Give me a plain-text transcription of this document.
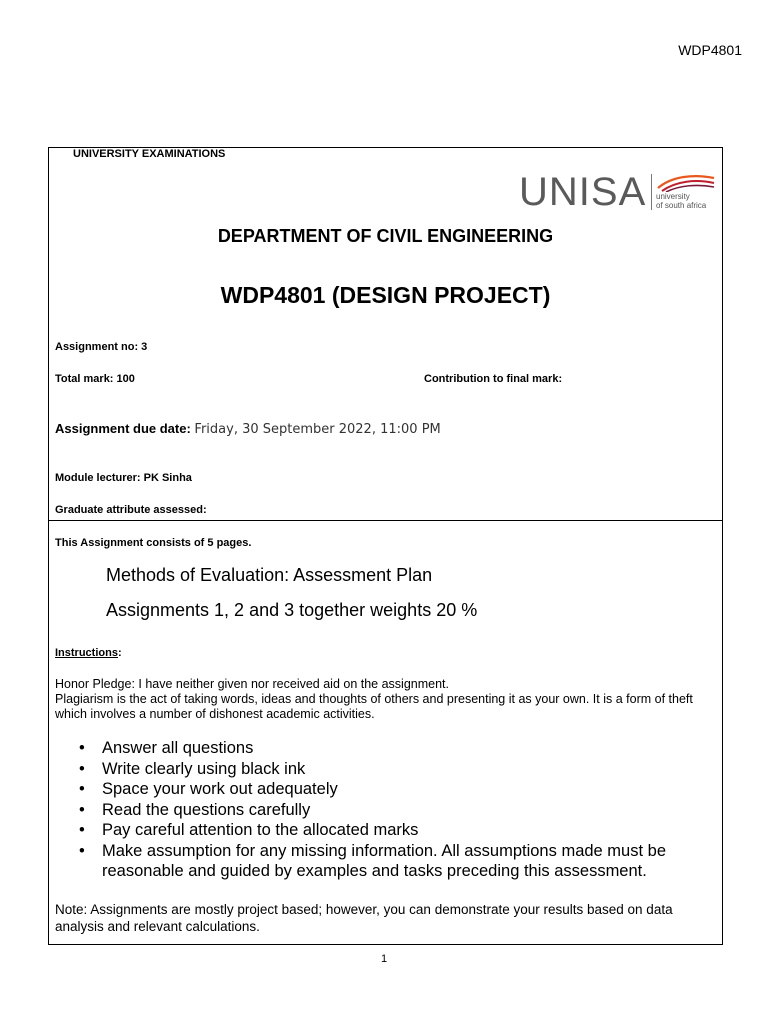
WDP4801
UNIVERSITY EXAMINATIONS
UNISA university
of south africa
DEPARTMENT OF CIVIL ENGINEERING
WDP4801 (DESIGN PROJECT)
Assignment no: 3
Total mark: 100	Contribution to final mark:
Assignment due date: Friday, 30 September 2022, 11:00 PM
Module lecturer: PK Sinha
Graduate attribute assessed:
This Assignment consists of 5 pages.
Methods of Evaluation: Assessment Plan
Assignments 1, 2 and 3 together weights 20 %
Instructions:
Honor Pledge: I have neither given nor received aid on the assignment.
Plagiarism is the act of taking words, ideas and thoughts of others and presenting it as your own. It is a form of theft which involves a number of dishonest academic activities.
• Answer all questions
• Write clearly using black ink
• Space your work out adequately
• Read the questions carefully
• Pay careful attention to the allocated marks
• Make assumption for any missing information. All assumptions made must be reasonable and guided by examples and tasks preceding this assessment.
Note: Assignments are mostly project based; however, you can demonstrate your results based on data analysis and relevant calculations.
1
